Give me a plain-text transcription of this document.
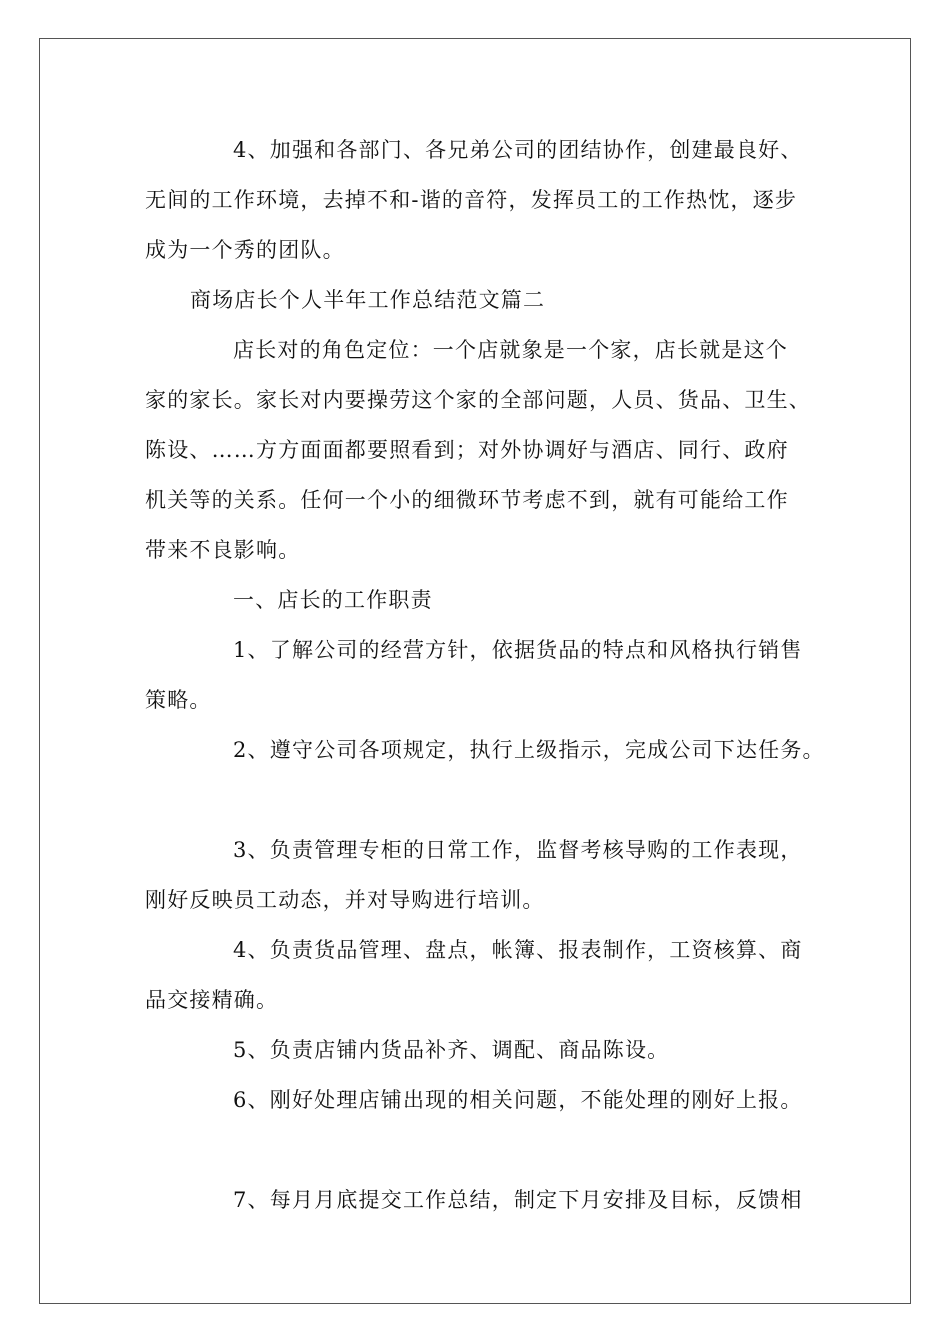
4、加强和各部门、各兄弟公司的团结协作，创建最良好、
无间的工作环境，去掉不和-谐的音符，发挥员工的工作热忱，逐步
成为一个秀的团队。
商场店长个人半年工作总结范文篇二
店长对的角色定位：一个店就象是一个家，店长就是这个
家的家长。家长对内要操劳这个家的全部问题，人员、货品、卫生、
陈设、……方方面面都要照看到；对外协调好与酒店、同行、政府
机关等的关系。任何一个小的细微环节考虑不到，就有可能给工作
带来不良影响。
一、店长的工作职责
1、了解公司的经营方针，依据货品的特点和风格执行销售
策略。
2、遵守公司各项规定，执行上级指示，完成公司下达任务。
3、负责管理专柜的日常工作，监督考核导购的工作表现，
刚好反映员工动态，并对导购进行培训。
4、负责货品管理、盘点，帐簿、报表制作，工资核算、商
品交接精确。
5、负责店铺内货品补齐、调配、商品陈设。
6、刚好处理店铺出现的相关问题，不能处理的刚好上报。
7、每月月底提交工作总结，制定下月安排及目标，反馈相
